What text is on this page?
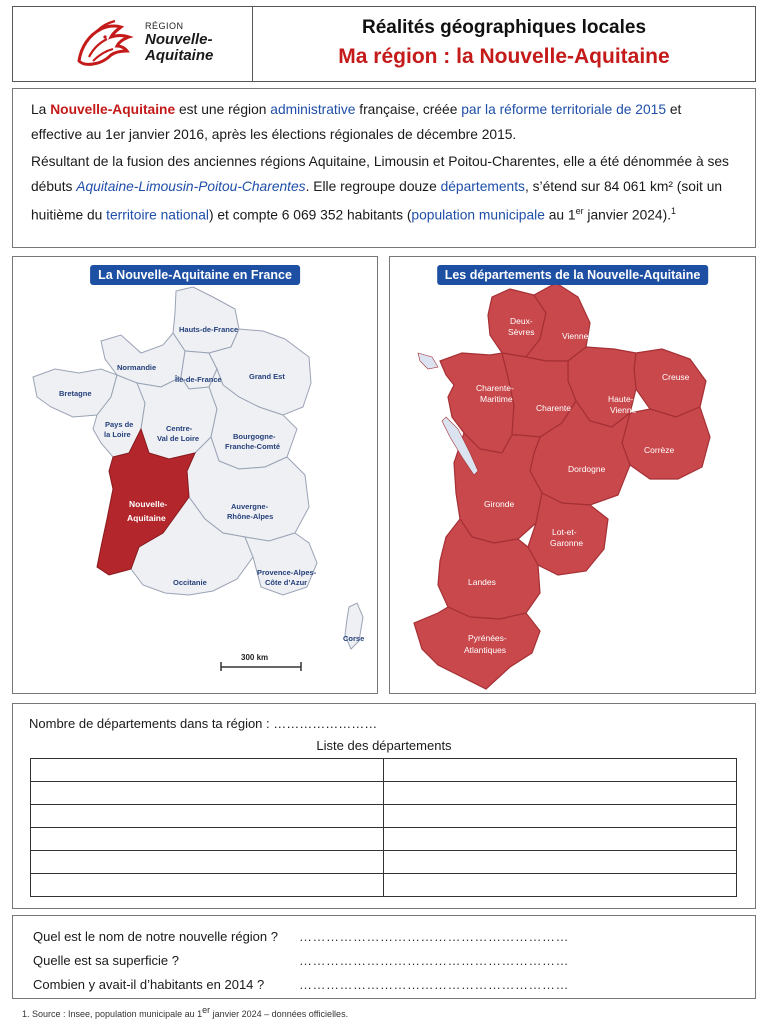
RÉGION
Nouvelle-
Aquitaine
Réalités géographiques locales
Ma région : la Nouvelle-Aquitaine

La Nouvelle-Aquitaine est une région administrative française, créée par la réforme territoriale de 2015 et effective au 1er janvier 2016, après les élections régionales de décembre 2015.

Résultant de la fusion des anciennes régions Aquitaine, Limousin et Poitou-Charentes, elle a été dénommée à ses débuts Aquitaine-Limousin-Poitou-Charentes. Elle regroupe douze départements, s’étend sur 84 061 km² (soit un huitième du territoire national) et compte 6 069 352 habitants (population municipale au 1er janvier 2024).$^1$

300 km
Hauts-de-France
Normandie
Île-de-France	Grand Est
Bretagne
Pays de
la Loire
Centre-
Val de Loire	Bourgogne-
Franche-Comté
Nouvelle-
Aquitaine
Auvergne-
Rhône-Alpes
Occitanie
Provence-Alpes-
Côte d’Azur
Corse
La Nouvelle-Aquitaine en France
Deux-
Sèvres	Vienne
Creuse
Charente-
Maritime
Charente
Haute-
Vienne
Corrèze
Dordogne
Gironde
Lot-et-
Garonne
Landes
Pyrénées-
Atlantiques
Les départements de la Nouvelle-Aquitaine
Nombre de départements dans ta région : ……………………
Liste des départements

Quel est le nom de notre nouvelle région ?	……………………………………………………
Quelle est sa superficie ?	……………………………………………………
Combien y avait-il d’habitants en 2014 ?	……………………………………………………
1. Source : Insee, population municipale au 1er janvier 2024 – données officielles.
